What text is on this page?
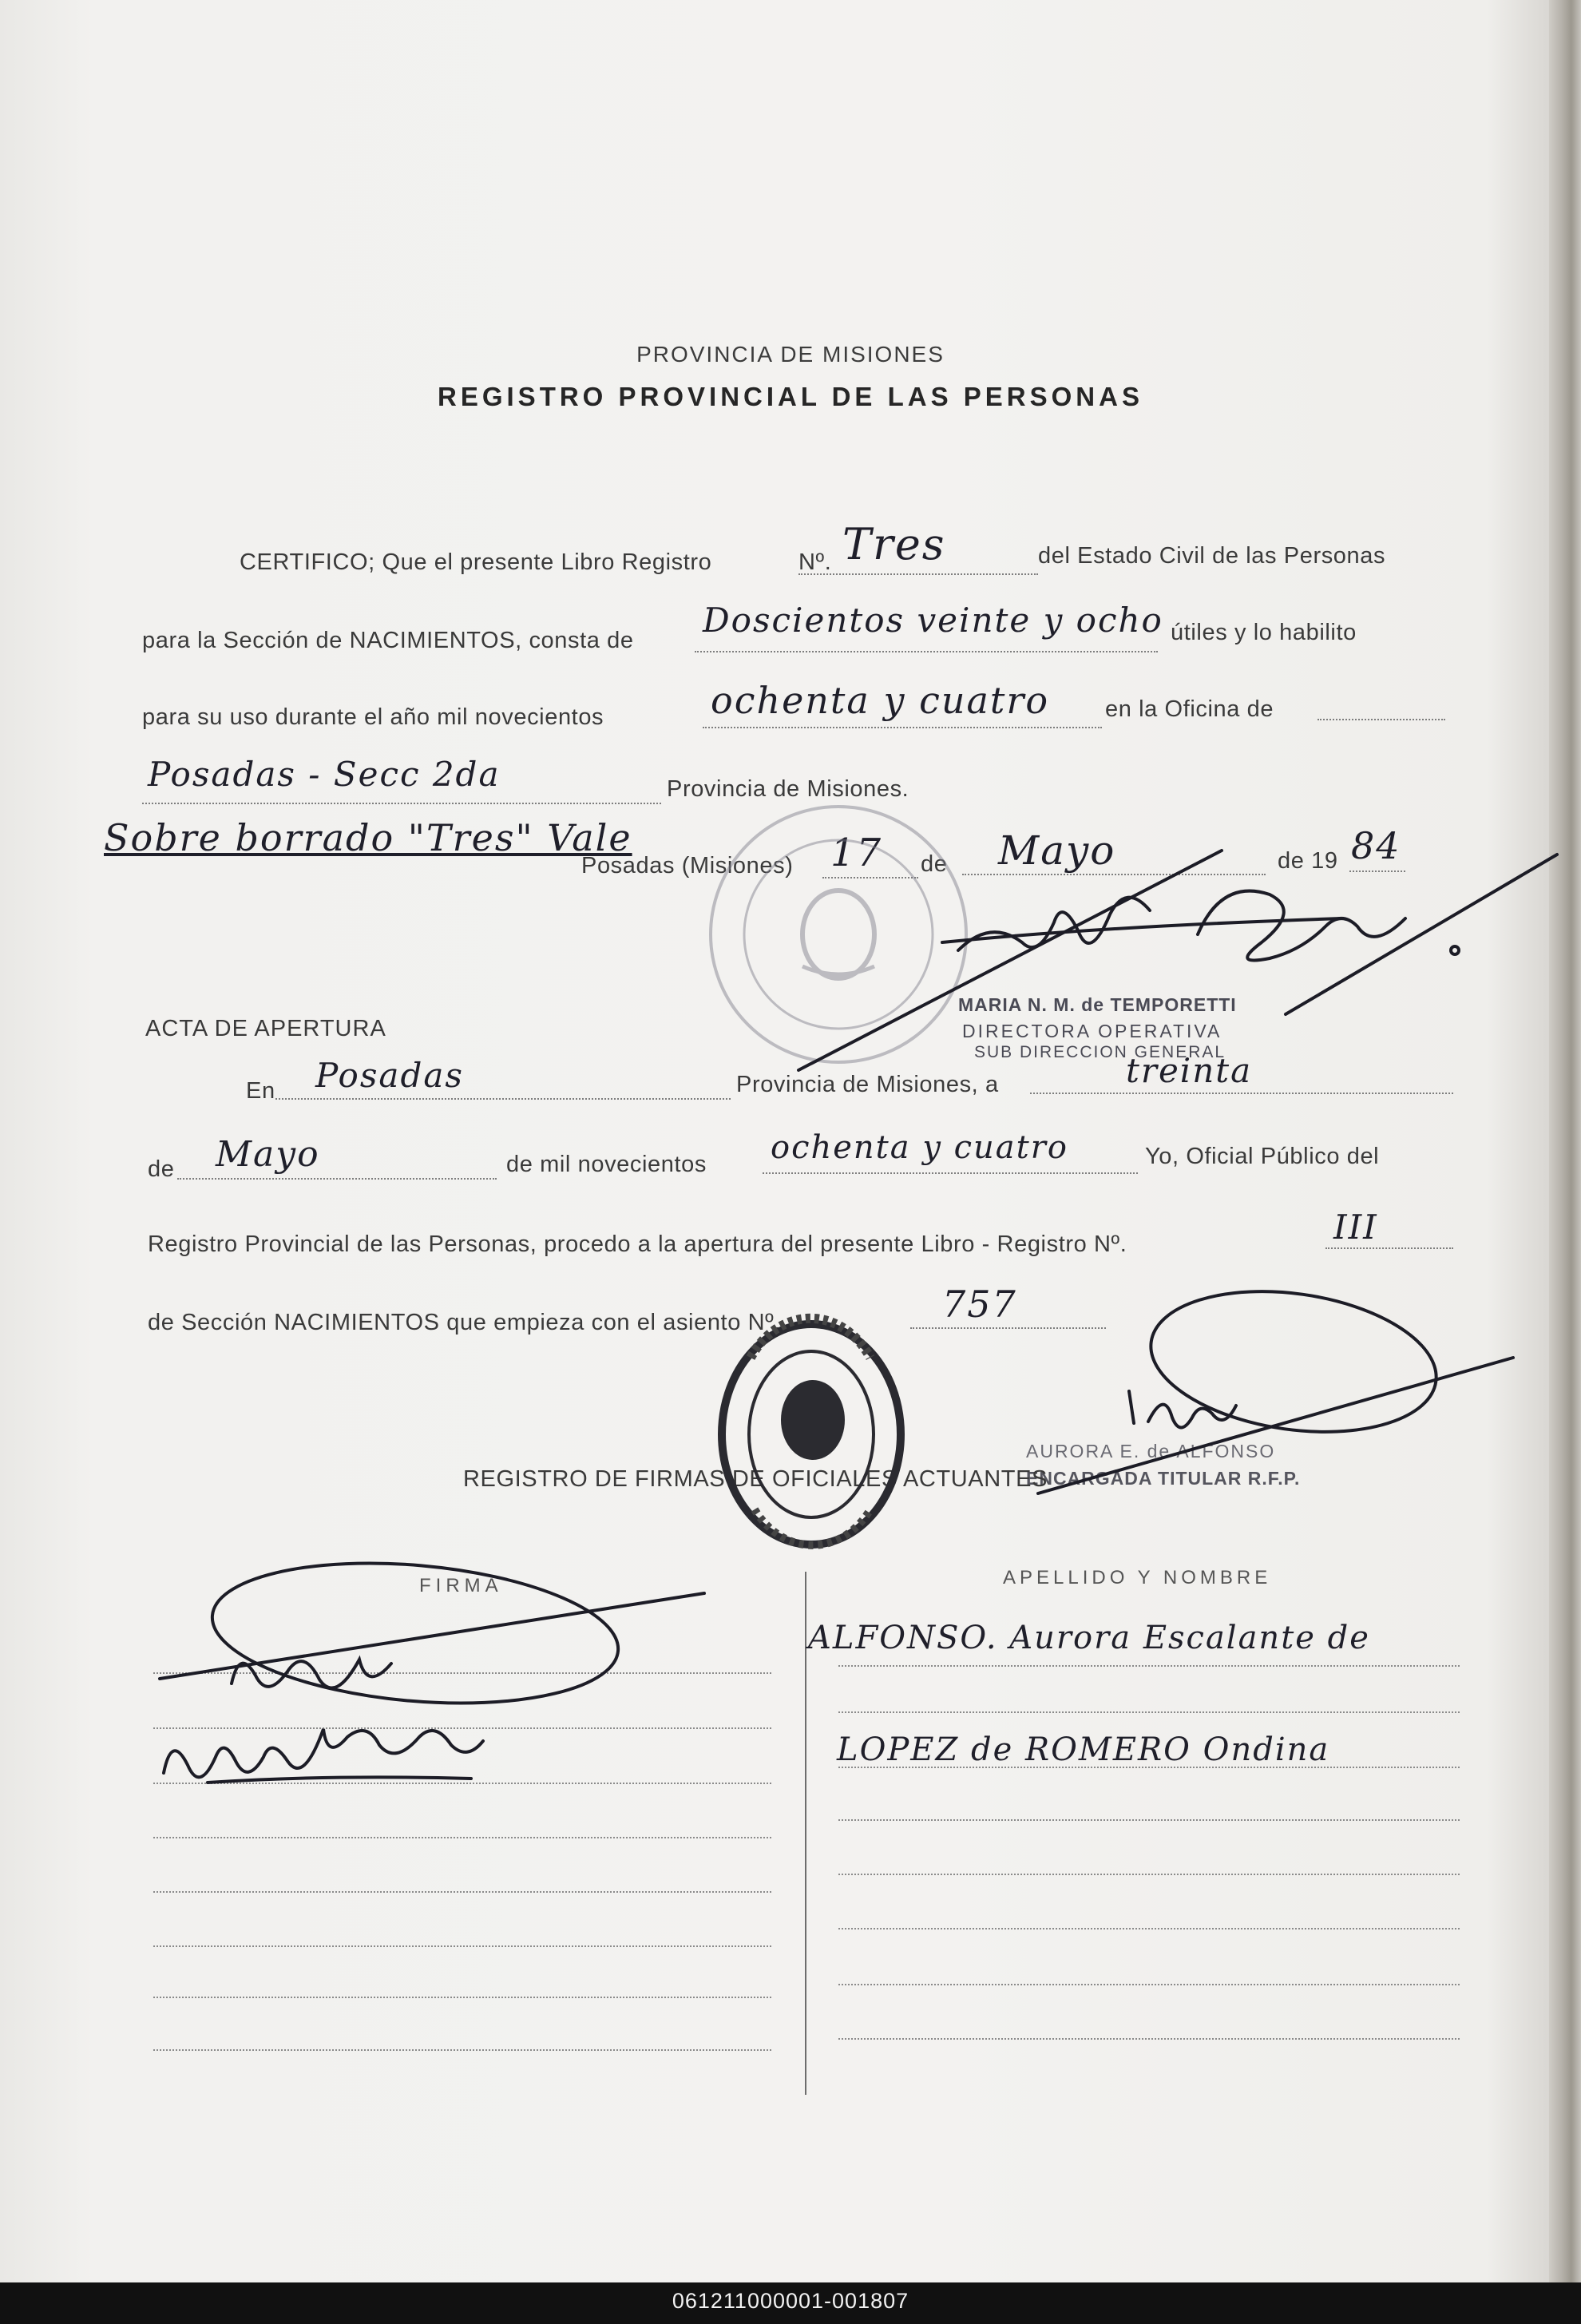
PROVINCIA DE MISIONES
REGISTRO PROVINCIAL DE LAS PERSONAS
CERTIFICO; Que el presente Libro Registro	Nº. Tres	del Estado Civil de las Personas
para la Sección de NACIMIENTOS, consta de
Doscientos veinte y ocho útiles y lo habilito
para su uso durante el año mil novecientos	ochenta y cuatro en la Oficina de
Posadas - Secc 2da	Provincia de Misiones.
Sobre borrado "Tres" Vale
Posadas (Misiones) 17 de Mayo	de 19 84
MARIA N. M. de TEMPORETTI
DIRECTORA OPERATIVA
SUB DIRECCION GENERAL
ACTA DE APERTURA
En Posadas	Provincia de Misiones, a	treinta
de Mayo	de mil novecientos ochenta y cuatro	Yo, Oficial Público del
Registro Provincial de las Personas, procedo a la apertura del presente Libro - Registro Nº.	III
de Sección NACIMIENTOS que empieza con el asiento Nº.	757
AURORA E. de ALFONSO
ENCARGADA TITULAR R.F.P.
REGISTRO DE FIRMAS DE OFICIALES ACTUANTES
FIRMA	APELLIDO Y NOMBRE
ALFONSO. Aurora Escalante de
LOPEZ de ROMERO Ondina
061211000001-001807
